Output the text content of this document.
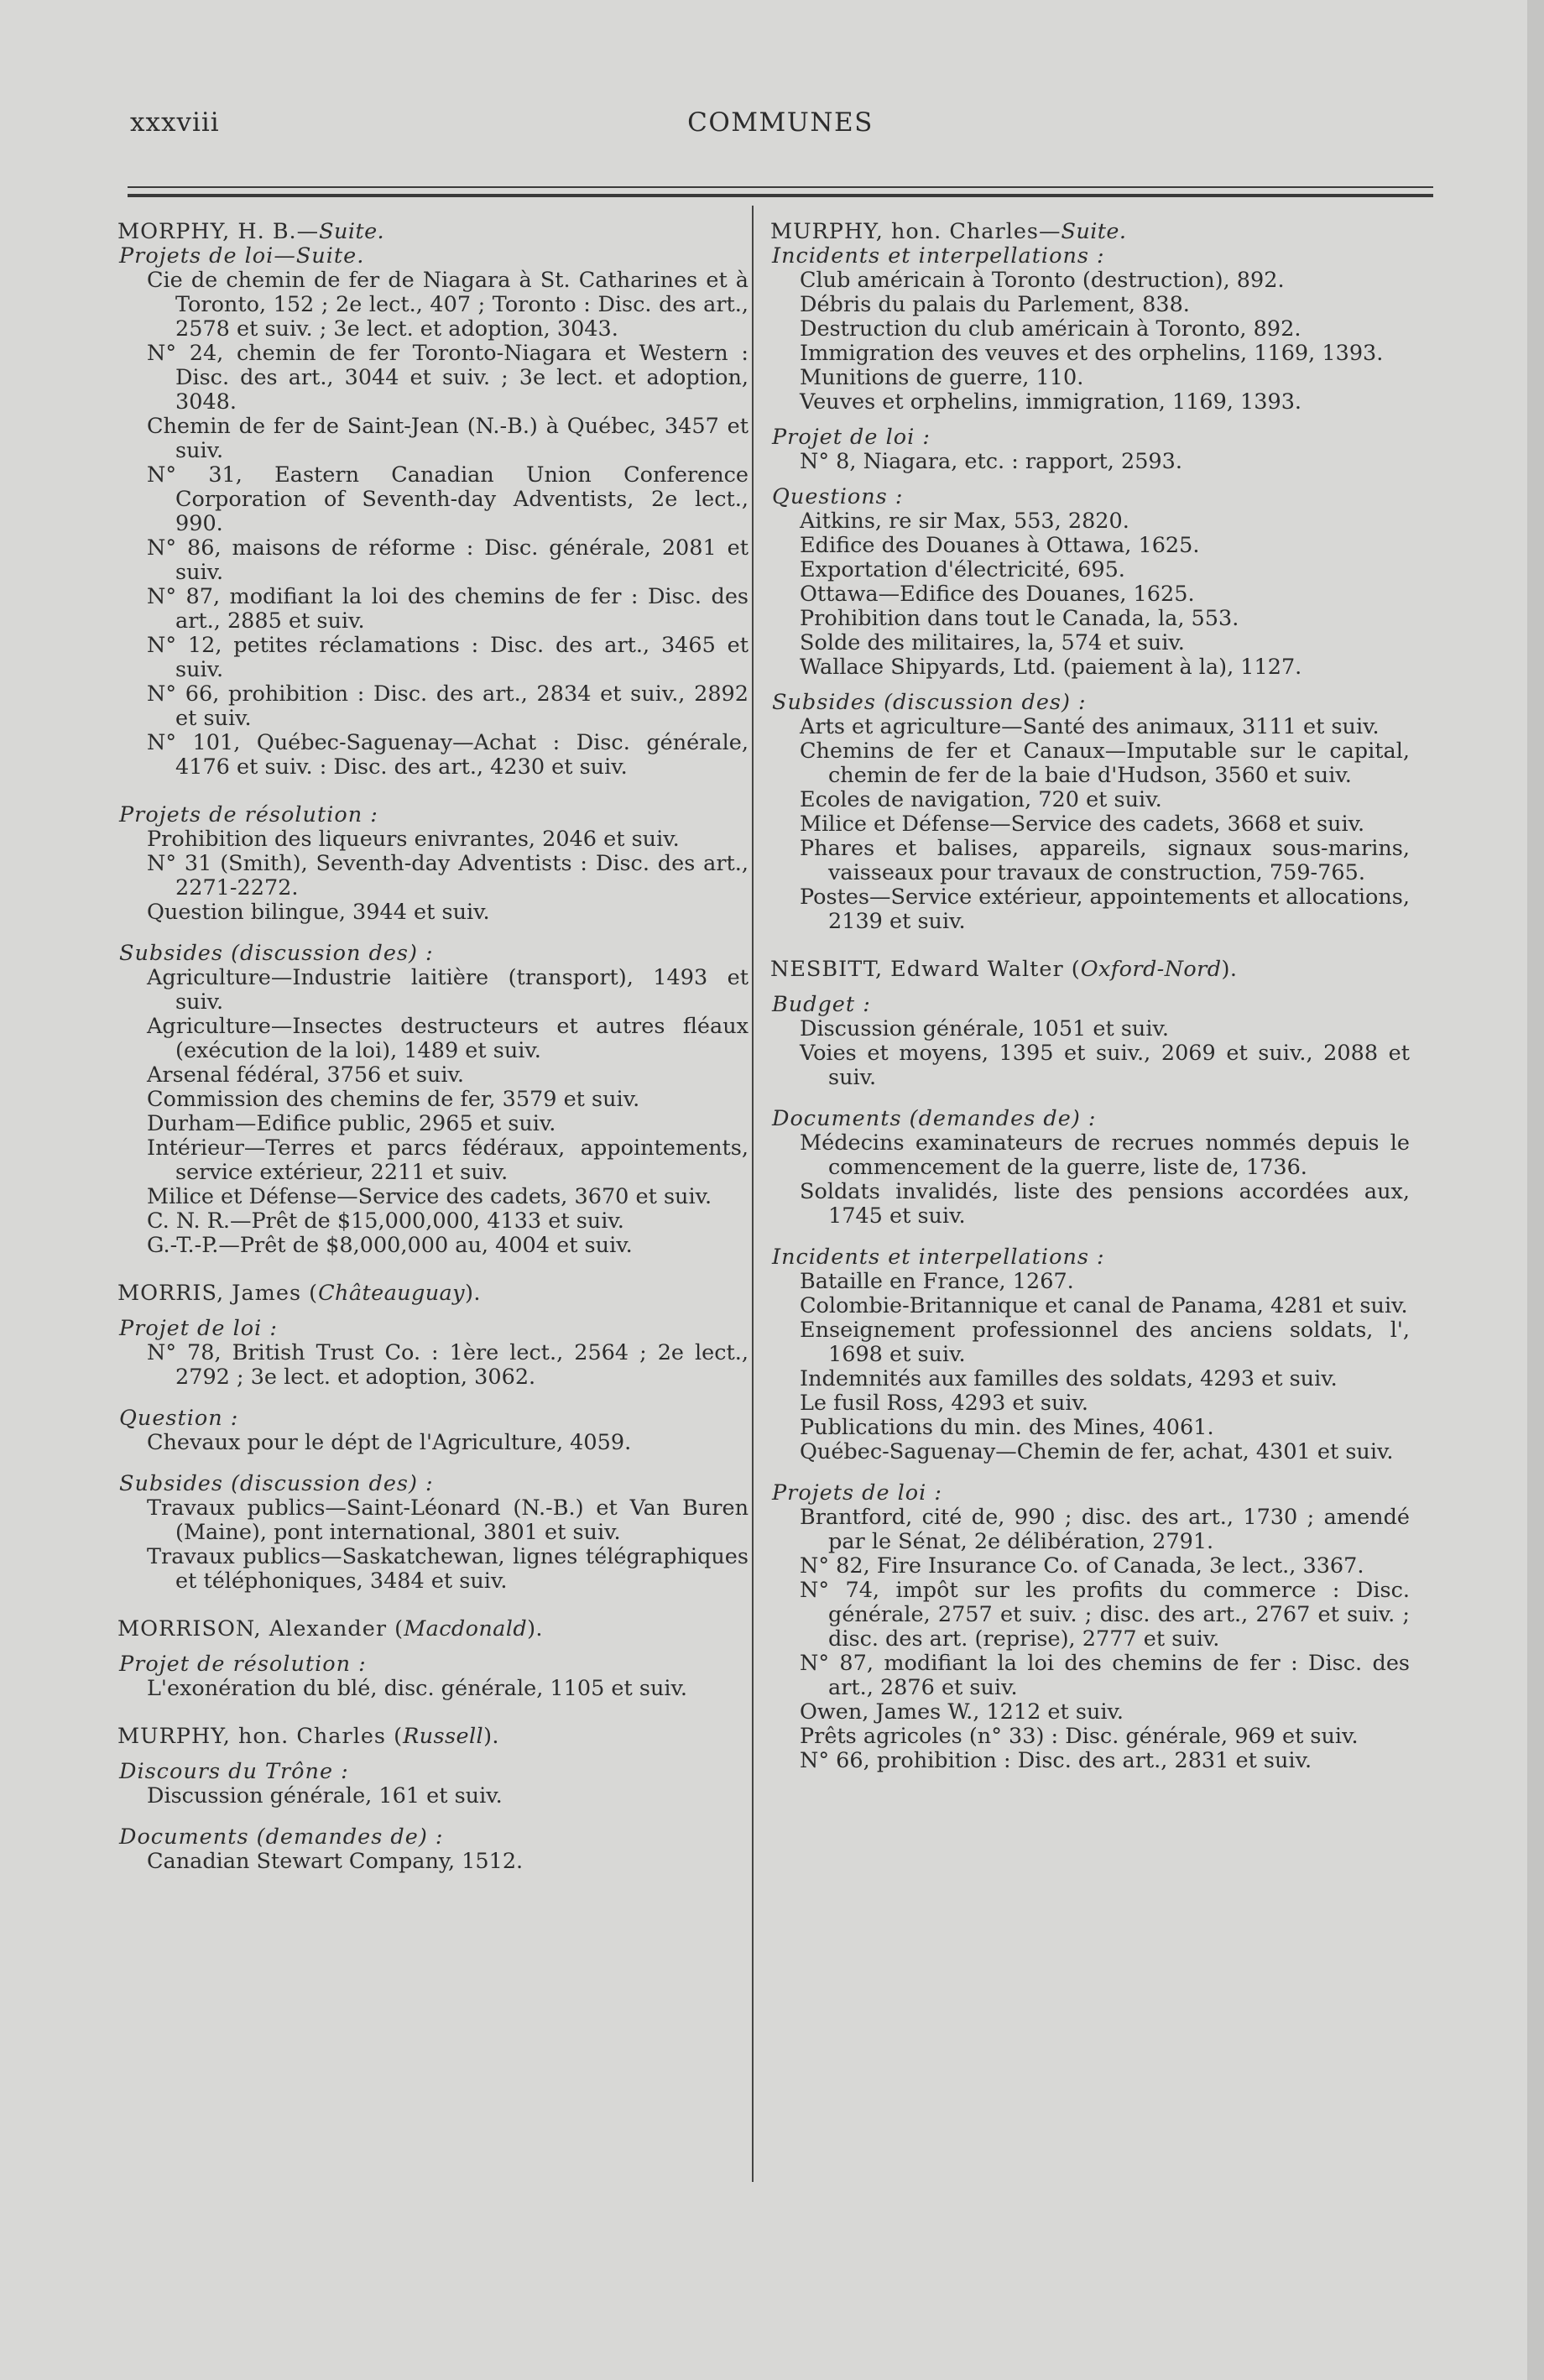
xxxviii	COMMUNES

MORPHY, H. B.—Suite.

Projets de loi—Suite.

Cie de chemin de fer de Niagara à St. Catharines et à Toronto, 152 ; 2e lect., 407 ; Toronto : Disc. des art., 2578 et suiv. ; 3e lect. et adoption, 3043.

N° 24, chemin de fer Toronto-Niagara et Western : Disc. des art., 3044 et suiv. ; 3e lect. et adoption, 3048.

Chemin de fer de Saint-Jean (N.-B.) à Québec, 3457 et suiv.

N° 31, Eastern Canadian Union Conference Corporation of Seventh-day Adventists, 2e lect., 990.

N° 86, maisons de réforme : Disc. générale, 2081 et suiv.

N° 87, modifiant la loi des chemins de fer : Disc. des art., 2885 et suiv.

N° 12, petites réclamations : Disc. des art., 3465 et suiv.

N° 66, prohibition : Disc. des art., 2834 et suiv., 2892 et suiv.

N° 101, Québec-Saguenay—Achat : Disc. générale, 4176 et suiv. : Disc. des art., 4230 et suiv.

Projets de résolution :

Prohibition des liqueurs enivrantes, 2046 et suiv.

N° 31 (Smith), Seventh-day Adventists : Disc. des art., 2271-2272.

Question bilingue, 3944 et suiv.

Subsides (discussion des) :

Agriculture—Industrie laitière (transport), 1493 et suiv.

Agriculture—Insectes destructeurs et autres fléaux (exécution de la loi), 1489 et suiv.

Arsenal fédéral, 3756 et suiv.

Commission des chemins de fer, 3579 et suiv.

Durham—Edifice public, 2965 et suiv.

Intérieur—Terres et parcs fédéraux, appointements, service extérieur, 2211 et suiv.

Milice et Défense—Service des cadets, 3670 et suiv.

C. N. R.—Prêt de $15,000,000, 4133 et suiv.

G.-T.-P.—Prêt de $8,000,000 au, 4004 et suiv.

MORRIS, James (Châteauguay).

Projet de loi :

N° 78, British Trust Co. : 1ère lect., 2564 ; 2e lect., 2792 ; 3e lect. et adoption, 3062.

Question :

Chevaux pour le dépt de l'Agriculture, 4059.

Subsides (discussion des) :

Travaux publics—Saint-Léonard (N.-B.) et Van Buren (Maine), pont international, 3801 et suiv.

Travaux publics—Saskatchewan, lignes télégraphiques et téléphoniques, 3484 et suiv.

MORRISON, Alexander (Macdonald).

Projet de résolution :

L'exonération du blé, disc. générale, 1105 et suiv.

MURPHY, hon. Charles (Russell).

Discours du Trône :

Discussion générale, 161 et suiv.

Documents (demandes de) :

Canadian Stewart Company, 1512.

MURPHY, hon. Charles—Suite.

Incidents et interpellations :

Club américain à Toronto (destruction), 892.

Débris du palais du Parlement, 838.

Destruction du club américain à Toronto, 892.

Immigration des veuves et des orphelins, 1169, 1393.

Munitions de guerre, 110.

Veuves et orphelins, immigration, 1169, 1393.

Projet de loi :

N° 8, Niagara, etc. : rapport, 2593.

Questions :

Aitkins, re sir Max, 553, 2820.

Edifice des Douanes à Ottawa, 1625.

Exportation d'électricité, 695.

Ottawa—Edifice des Douanes, 1625.

Prohibition dans tout le Canada, la, 553.

Solde des militaires, la, 574 et suiv.

Wallace Shipyards, Ltd. (paiement à la), 1127.

Subsides (discussion des) :

Arts et agriculture—Santé des animaux, 3111 et suiv.

Chemins de fer et Canaux—Imputable sur le capital, chemin de fer de la baie d'Hudson, 3560 et suiv.

Ecoles de navigation, 720 et suiv.

Milice et Défense—Service des cadets, 3668 et suiv.

Phares et balises, appareils, signaux sous-marins, vaisseaux pour travaux de construction, 759-765.

Postes—Service extérieur, appointements et allocations, 2139 et suiv.

NESBITT, Edward Walter (Oxford-Nord).

Budget :

Discussion générale, 1051 et suiv.

Voies et moyens, 1395 et suiv., 2069 et suiv., 2088 et suiv.

Documents (demandes de) :

Médecins examinateurs de recrues nommés depuis le commencement de la guerre, liste de, 1736.

Soldats invalidés, liste des pensions accordées aux, 1745 et suiv.

Incidents et interpellations :

Bataille en France, 1267.

Colombie-Britannique et canal de Panama, 4281 et suiv.

Enseignement professionnel des anciens soldats, l', 1698 et suiv.

Indemnités aux familles des soldats, 4293 et suiv.

Le fusil Ross, 4293 et suiv.

Publications du min. des Mines, 4061.

Québec-Saguenay—Chemin de fer, achat, 4301 et suiv.

Projets de loi :

Brantford, cité de, 990 ; disc. des art., 1730 ; amendé par le Sénat, 2e délibération, 2791.

N° 82, Fire Insurance Co. of Canada, 3e lect., 3367.

N° 74, impôt sur les profits du commerce : Disc. générale, 2757 et suiv. ; disc. des art., 2767 et suiv. ; disc. des art. (reprise), 2777 et suiv.

N° 87, modifiant la loi des chemins de fer : Disc. des art., 2876 et suiv.

Owen, James W., 1212 et suiv.

Prêts agricoles (n° 33) : Disc. générale, 969 et suiv.

N° 66, prohibition : Disc. des art., 2831 et suiv.
